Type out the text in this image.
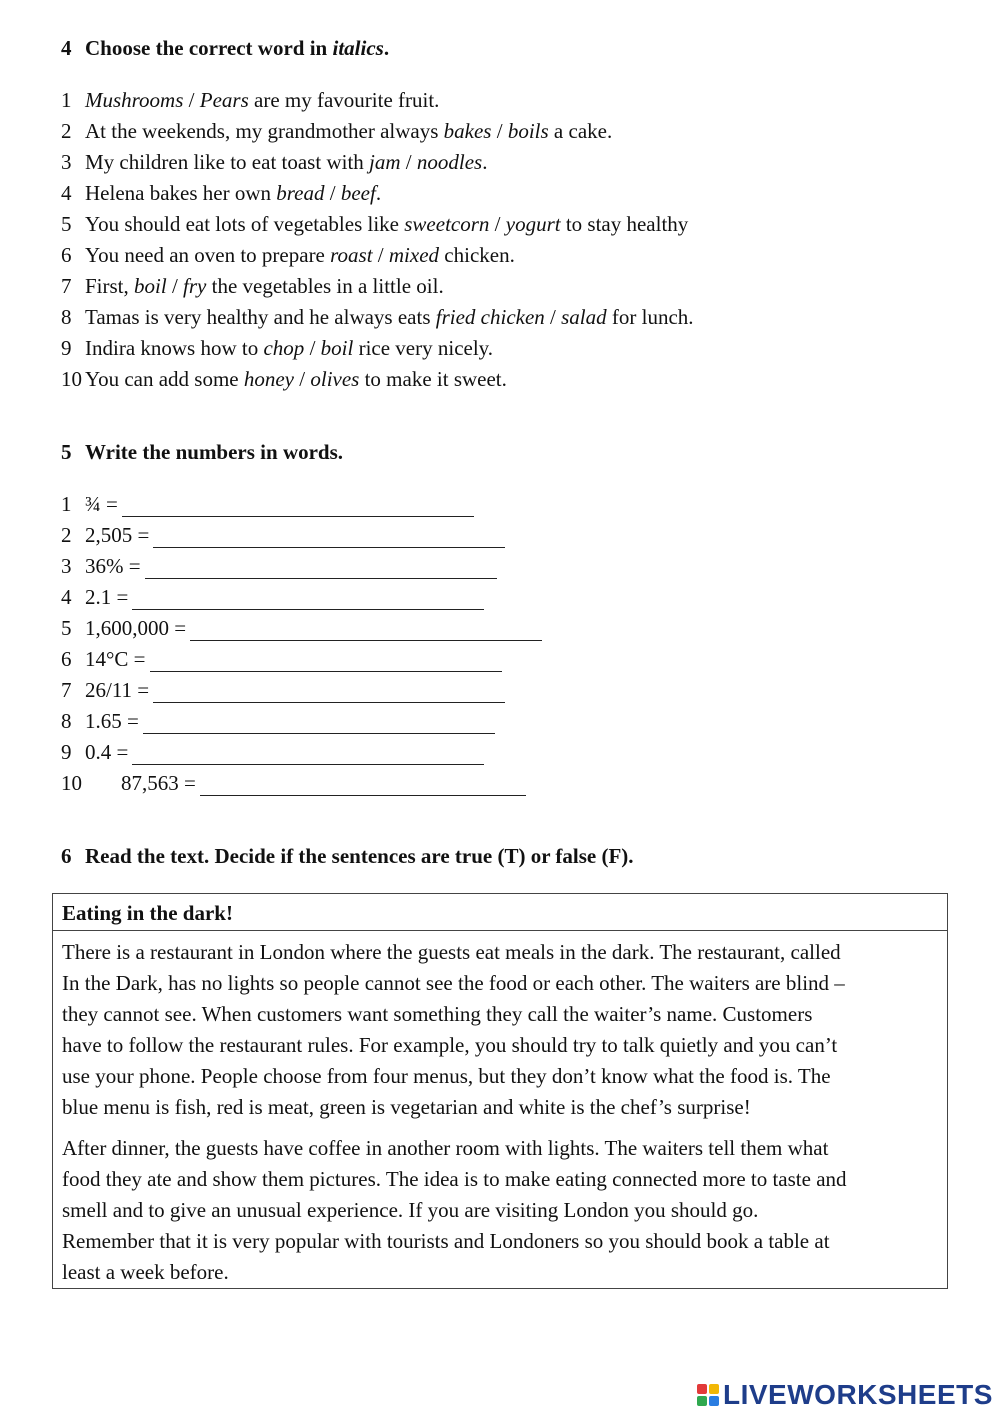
4 Choose the correct word in italics.
1 Mushrooms / Pears are my favourite fruit.
2 At the weekends, my grandmother always bakes / boils a cake.
3 My children like to eat toast with jam / noodles.
4 Helena bakes her own bread / beef.
5 You should eat lots of vegetables like sweetcorn / yogurt to stay healthy
6 You need an oven to prepare roast / mixed chicken.
7 First, boil / fry the vegetables in a little oil.
8 Tamas is very healthy and he always eats fried chicken / salad for lunch.
9 Indira knows how to chop / boil rice very nicely.
10 You can add some honey / olives to make it sweet.
5 Write the numbers in words.
1 ¾ =
2 2,505 =
3 36% =
4 2.1 =
5 1,600,000 =
6 14°C =
7 26/11 =
8 1.65 =
9 0.4 =
10 87,563 =
6 Read the text. Decide if the sentences are true (T) or false (F).
Eating in the dark!
There is a restaurant in London where the guests eat meals in the dark. The restaurant, called
In the Dark, has no lights so people cannot see the food or each other. The waiters are blind –
they cannot see. When customers want something they call the waiter’s name. Customers
have to follow the restaurant rules. For example, you should try to talk quietly and you can’t
use your phone. People choose from four menus, but they don’t know what the food is. The
blue menu is fish, red is meat, green is vegetarian and white is the chef’s surprise!
After dinner, the guests have coffee in another room with lights. The waiters tell them what
food they ate and show them pictures. The idea is to make eating connected more to taste and
smell and to give an unusual experience. If you are visiting London you should go.
Remember that it is very popular with tourists and Londoners so you should book a table at
least a week before.
LIVEWORKSHEETS
